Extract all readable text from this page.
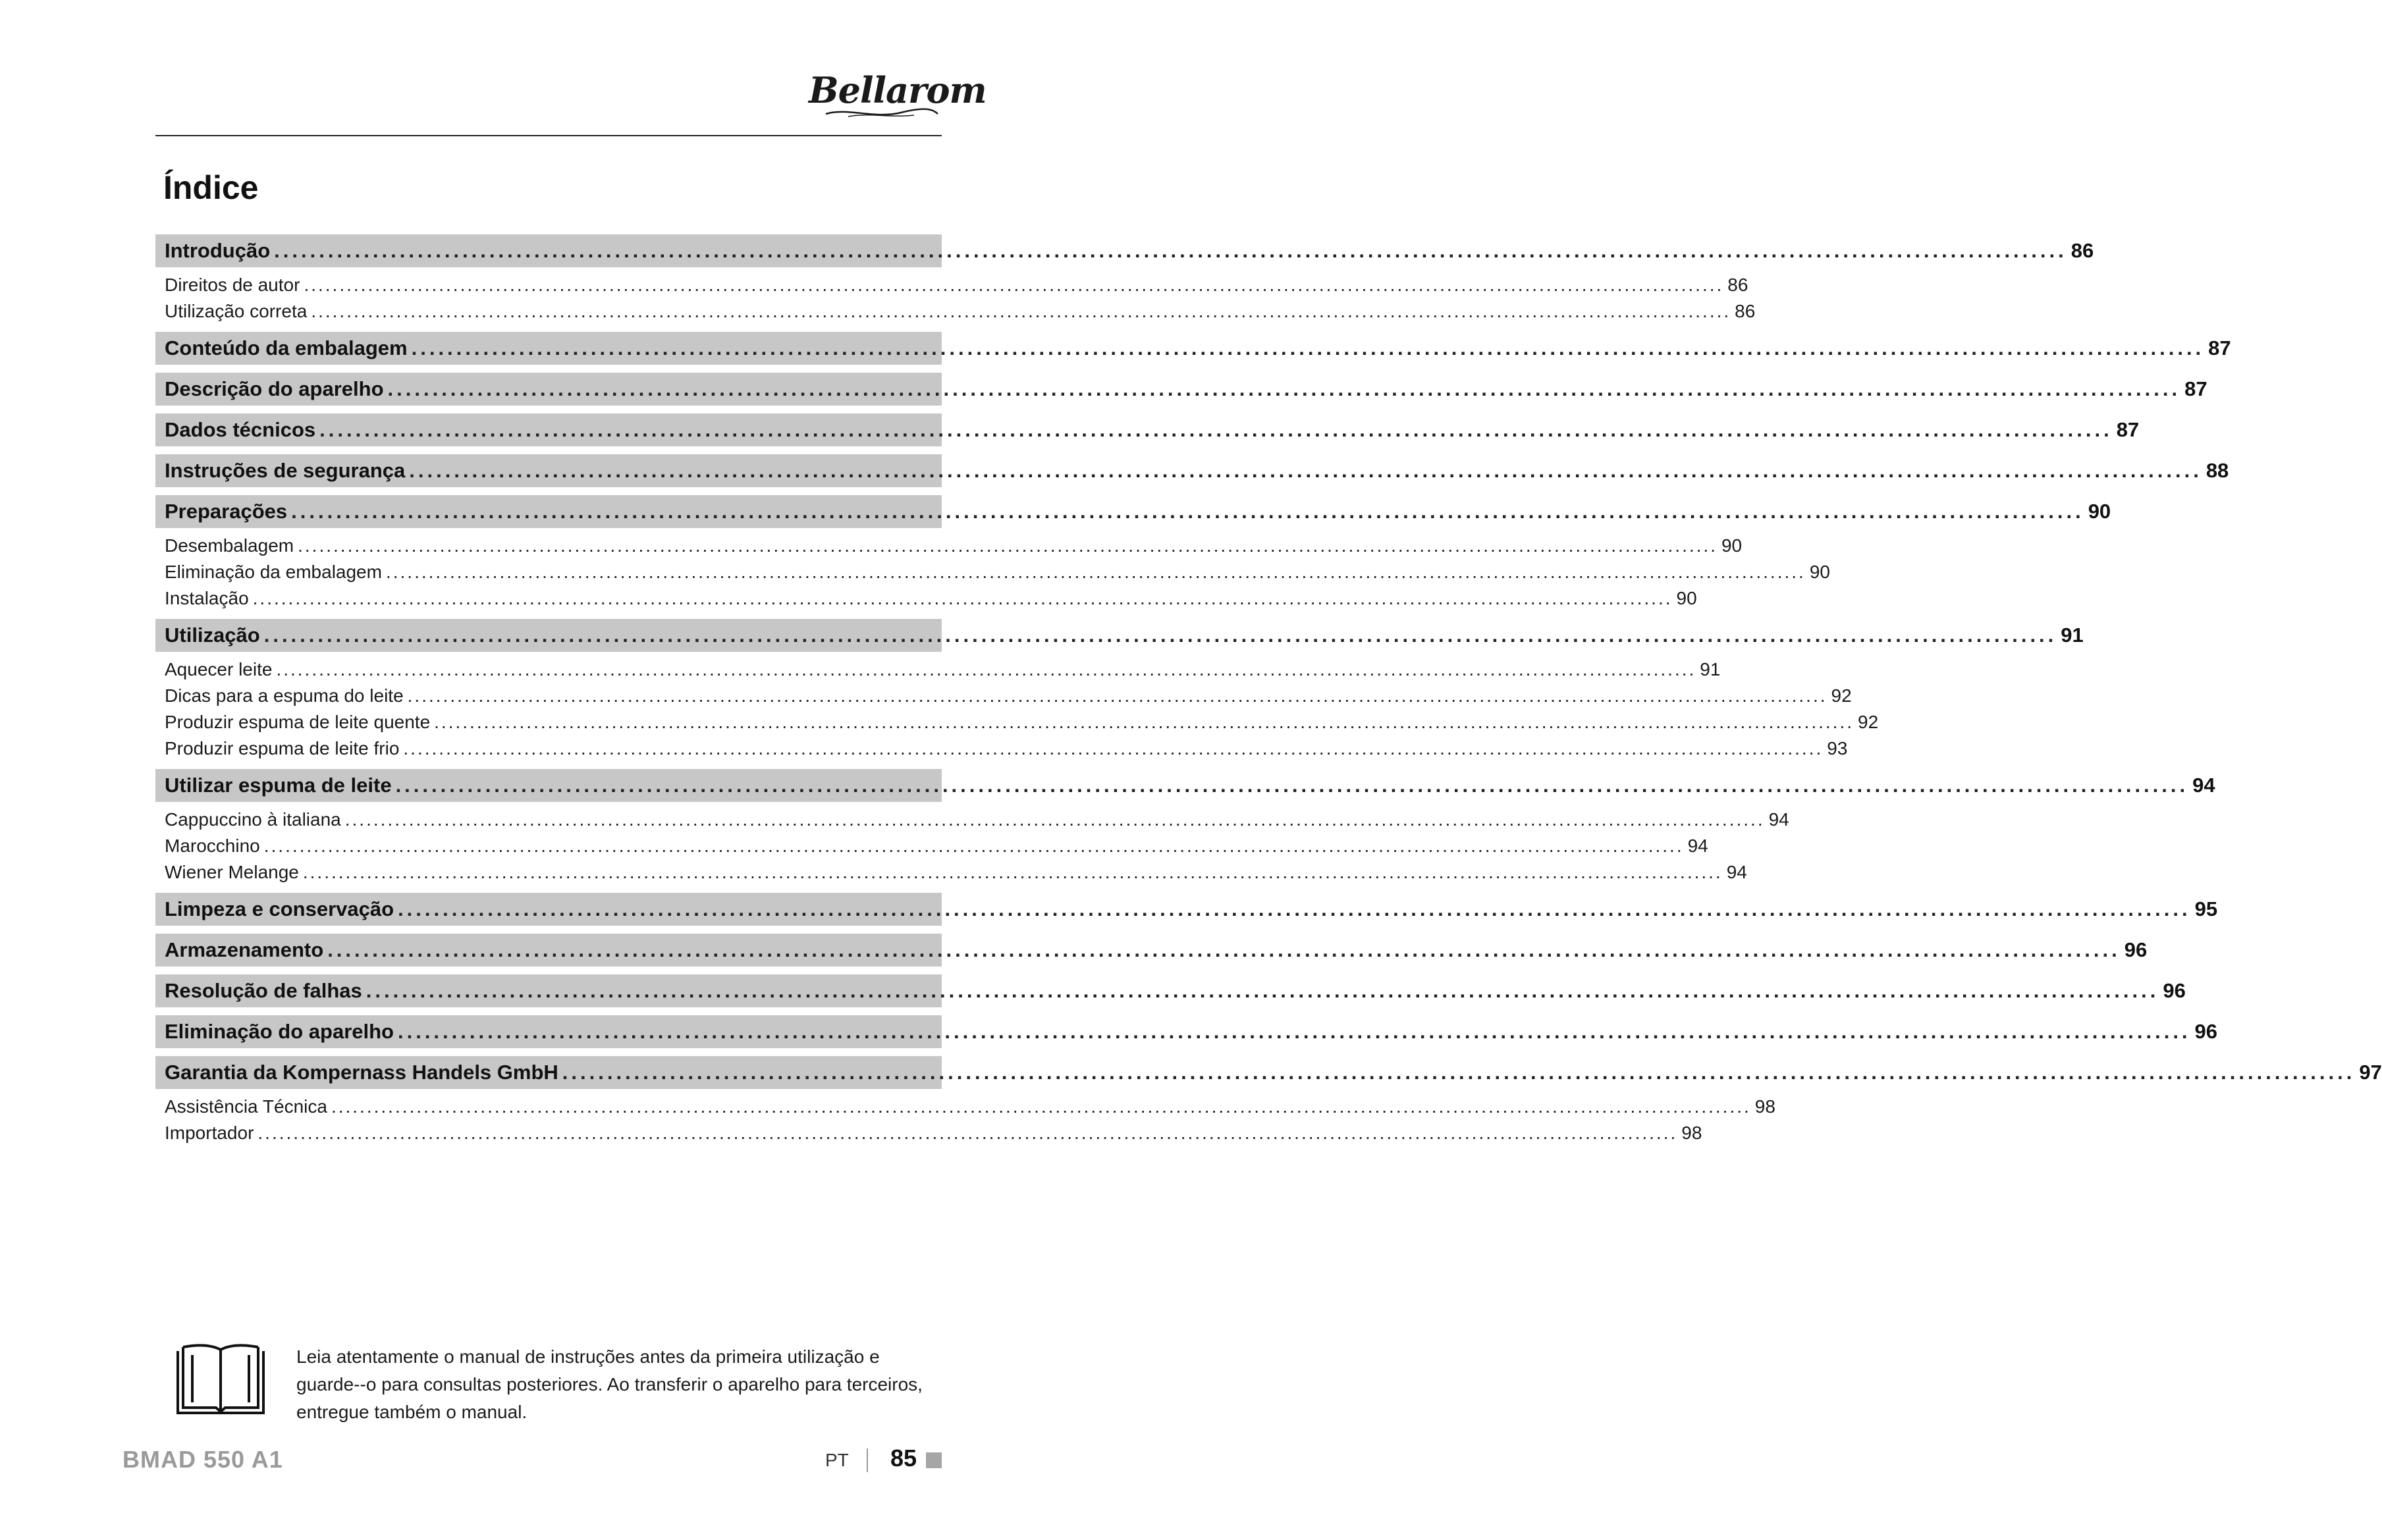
Bellarom
Índice
Introdução ........................................................................................................................................................................................................ 86
Direitos de autor ........................................................................................................................................................................................................ 86
Utilização correta ........................................................................................................................................................................................................ 86
Conteúdo da embalagem ........................................................................................................................................................................................................ 87
Descrição do aparelho ........................................................................................................................................................................................................ 87
Dados técnicos ........................................................................................................................................................................................................ 87
Instruções de segurança ........................................................................................................................................................................................................ 88
Preparações ........................................................................................................................................................................................................ 90
Desembalagem ........................................................................................................................................................................................................ 90
Eliminação da embalagem ........................................................................................................................................................................................................ 90
Instalação ........................................................................................................................................................................................................ 90
Utilização ........................................................................................................................................................................................................ 91
Aquecer leite ........................................................................................................................................................................................................ 91
Dicas para a espuma do leite ........................................................................................................................................................................................................ 92
Produzir espuma de leite quente ........................................................................................................................................................................................................ 92
Produzir espuma de leite frio ........................................................................................................................................................................................................ 93
Utilizar espuma de leite ........................................................................................................................................................................................................ 94
Cappuccino à italiana ........................................................................................................................................................................................................ 94
Marocchino ........................................................................................................................................................................................................ 94
Wiener Melange ........................................................................................................................................................................................................ 94
Limpeza e conservação ........................................................................................................................................................................................................ 95
Armazenamento ........................................................................................................................................................................................................ 96
Resolução de falhas ........................................................................................................................................................................................................ 96
Eliminação do aparelho ........................................................................................................................................................................................................ 96
Garantia da Kompernass Handels GmbH ........................................................................................................................................................................................................ 97
Assistência Técnica ........................................................................................................................................................................................................ 98
Importador ........................................................................................................................................................................................................ 98

Leia atentamente o manual de instruções antes da primeira utilização e guarde--o para consultas posteriores. Ao transferir o aparelho para terceiros, entregue também o manual.

BMAD 550 A1	PT 85
